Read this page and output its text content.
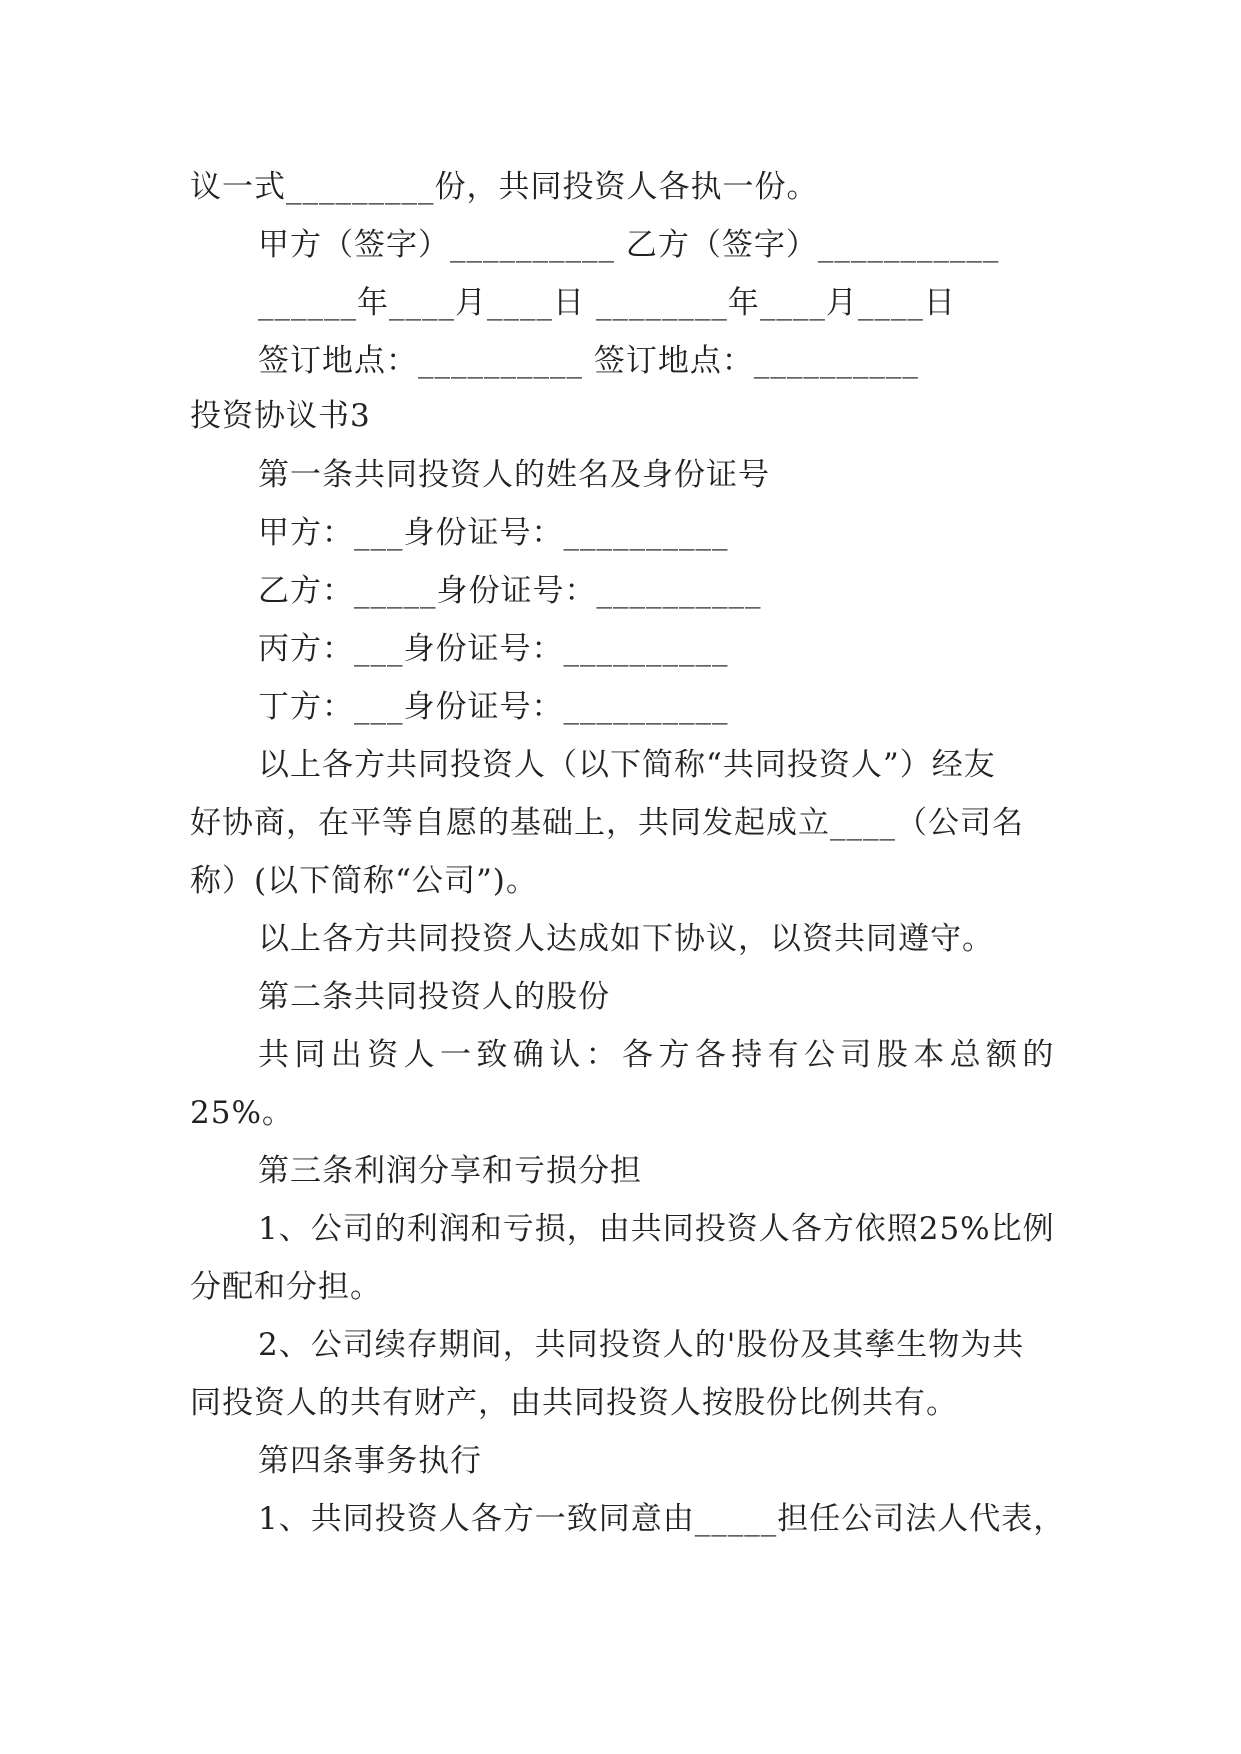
议一式_________份，共同投资人各执一份。
甲方（签字）__________ 乙方（签字）___________
______年____月____日 ________年____月____日
签订地点：__________ 签订地点：__________
投资协议书3
第一条共同投资人的姓名及身份证号
甲方：___身份证号：__________
乙方：_____身份证号：__________
丙方：___身份证号：__________
丁方：___身份证号：__________
以上各方共同投资人（以下简称“共同投资人”）经友
好协商，在平等自愿的基础上，共同发起成立____（公司名
称）(以下简称“公司”)。
以上各方共同投资人达成如下协议，以资共同遵守。
第二条共同投资人的股份
共同出资人一致确认：各方各持有公司股本总额的
25%。
第三条利润分享和亏损分担
1、公司的利润和亏损，由共同投资人各方依照25%比例
分配和分担。
2、公司续存期间，共同投资人的'股份及其孳生物为共
同投资人的共有财产，由共同投资人按股份比例共有。
第四条事务执行
1、共同投资人各方一致同意由_____担任公司法人代表，
